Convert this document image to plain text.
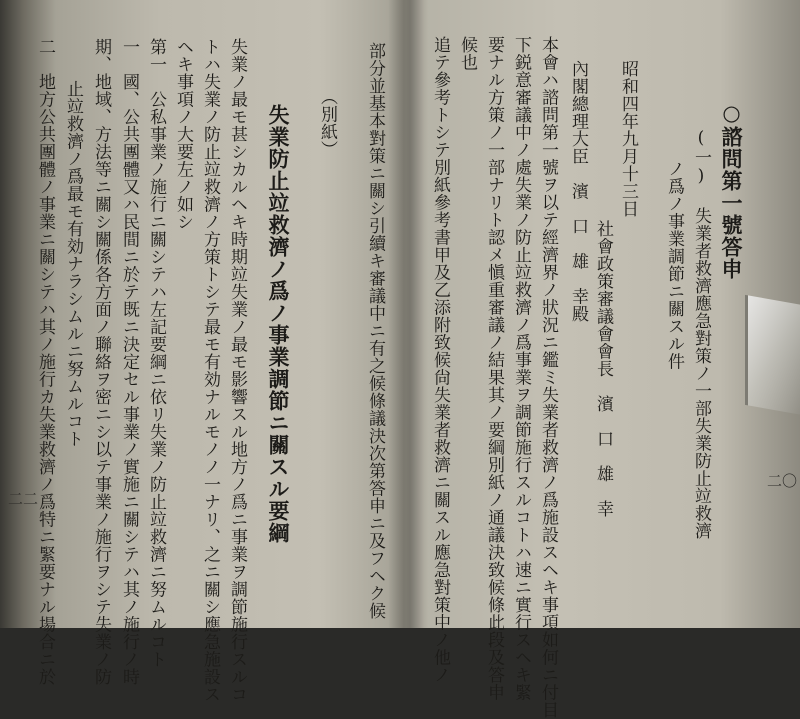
部分並基本對策ニ關シ引續キ審議中ニ有之候條議決次第答申ニ及フヘク候
（別紙）
失業防止竝救濟ノ爲ノ事業調節ニ關スル要綱
失業ノ最モ甚シカルヘキ時期竝失業ノ最モ影響スル地方ノ爲ニ事業ヲ調節施行スルコ
トハ失業ノ防止竝救濟ノ方策トシテ最モ有効ナルモノノ一ナリ、之ニ關シ應急施設ス
ヘキ事項ノ大要左ノ如シ
第一　公私事業ノ施行ニ關シテハ左記要綱ニ依リ失業ノ防止竝救濟ニ努ムルコト
一　國、公共團體又ハ民間ニ於テ既ニ決定セル事業ノ實施ニ關シテハ其ノ施行ノ時
期、地域、方法等ニ關シ關係各方面ノ聯絡ヲ密ニシ以テ事業ノ施行ヲシテ失業ノ防
止竝救濟ノ爲最モ有効ナラシムルニ努ムルコト
二　地方公共團體ノ事業ニ關シテハ其ノ施行カ失業救濟ノ爲特ニ緊要ナル場合ニ於
二二
○諮問第一號答申
(一) 失業者救濟應急對策ノ一部失業防止竝救濟
ノ爲ノ事業調節ニ關スル件
昭和四年九月十三日
社會政策審議會會長　濱　口　雄　幸
內閣總理大臣　濱　口　雄　幸殿
本會ハ諮問第一號ヲ以テ經濟界ノ狀況ニ鑑ミ失業者救濟ノ爲施設スヘキ事項如何ニ付目
下鋭意審議中ノ處失業ノ防止竝救濟ノ爲事業ヲ調節施行スルコトハ速ニ實行スヘキ緊
要ナル方策ノ一部ナリト認メ愼重審議ノ結果其ノ要綱別紙ノ通議決致候條此段及答申
候也
追テ參考トシテ別紙參考書甲及乙添附致候尙失業者救濟ニ關スル應急對策中ノ他ノ	二〇
